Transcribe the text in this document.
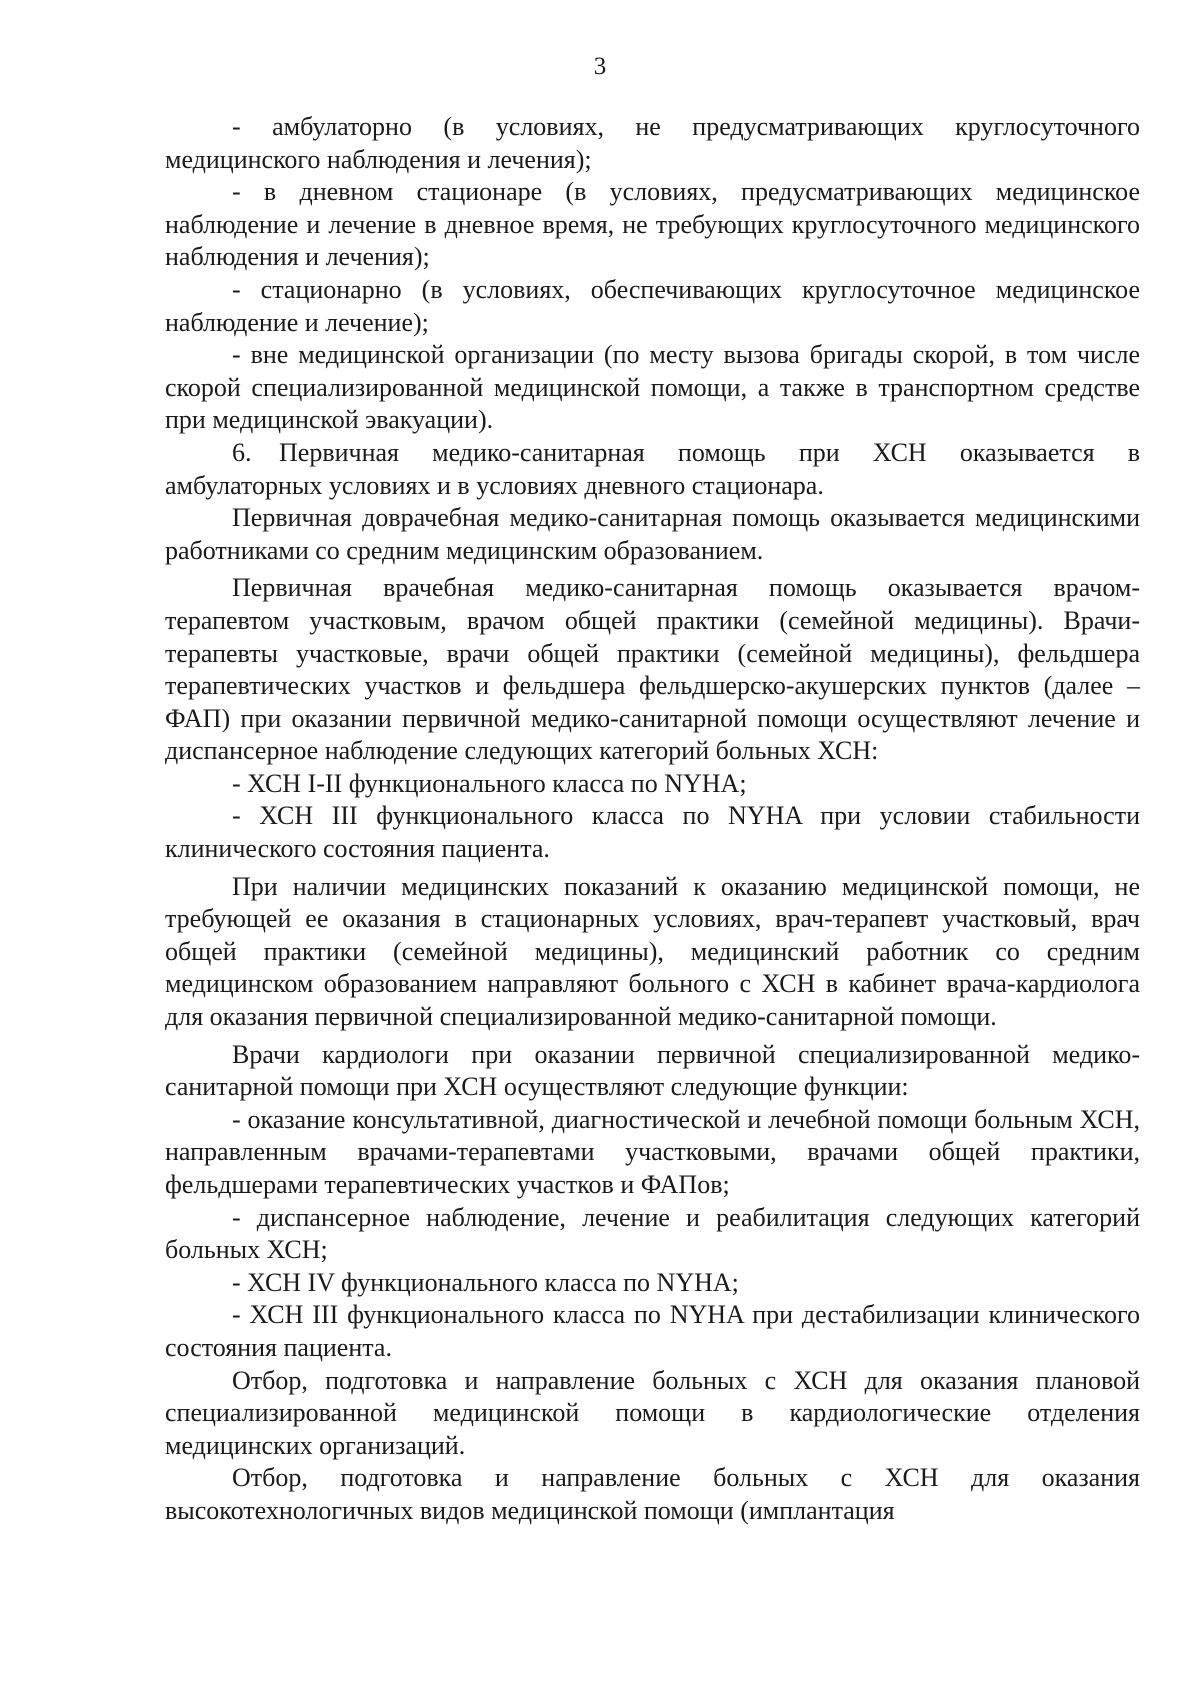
3

- амбулаторно (в условиях, не предусматривающих круглосуточного медицинского наблюдения и лечения);

- в дневном стационаре (в условиях, предусматривающих медицинское наблюдение и лечение в дневное время, не требующих круглосуточного медицинского наблюдения и лечения);

- стационарно (в условиях, обеспечивающих круглосуточное медицинское наблюдение и лечение);

- вне медицинской организации (по месту вызова бригады скорой, в том числе скорой специализированной медицинской помощи, а также в транспортном средстве при медицинской эвакуации).

6. Первичная медико-санитарная помощь при ХСН оказывается в амбулаторных условиях и в условиях дневного стационара.

Первичная доврачебная медико-санитарная помощь оказывается медицинскими работниками со средним медицинским образованием.

Первичная врачебная медико-санитарная помощь оказывается врачом-терапевтом участковым, врачом общей практики (семейной медицины). Врачи-терапевты участковые, врачи общей практики (семейной медицины), фельдшера терапевтических участков и фельдшера фельдшерско-акушерских пунктов (далее – ФАП) при оказании первичной медико-санитарной помощи осуществляют лечение и диспансерное наблюдение следующих категорий больных ХСН:

- ХСН I-II функционального класса по NYHA;

- ХСН III функционального класса по NYHA при условии стабильности клинического состояния пациента.

При наличии медицинских показаний к оказанию медицинской помощи, не требующей ее оказания в стационарных условиях, врач-терапевт участковый, врач общей практики (семейной медицины), медицинский работник со средним медицинском образованием направляют больного с ХСН в кабинет врача-кардиолога для оказания первичной специализированной медико-санитарной помощи.

Врачи кардиологи при оказании первичной специализированной медико-санитарной помощи при ХСН осуществляют следующие функции:

- оказание консультативной, диагностической и лечебной помощи больным ХСН, направленным врачами-терапевтами участковыми, врачами общей практики, фельдшерами терапевтических участков и ФАПов;

- диспансерное наблюдение, лечение и реабилитация следующих категорий больных ХСН;

- ХСН IV функционального класса по NYHA;

- ХСН III функционального класса по NYHA при дестабилизации клинического состояния пациента.

Отбор, подготовка и направление больных с ХСН для оказания плановой специализированной медицинской помощи в кардиологические отделения медицинских организаций.

Отбор, подготовка и направление больных с ХСН для оказания высокотехнологичных видов медицинской помощи (имплантация
